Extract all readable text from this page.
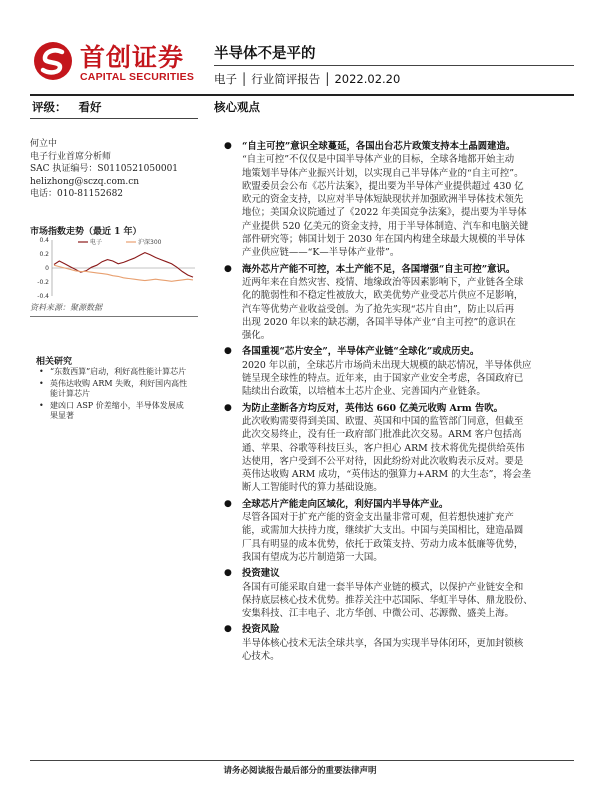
首创证券
CAPITAL SECURITIES
半导体不是平的
电子 │ 行业简评报告 │ 2022.02.20
评级： 看好	核心观点
何立中
电子行业首席分析师
SAC 执证编号：S0110521050001
helizhong@sczq.com.cn
电话：010-81152682
市场指数走势（最近 1 年）
0.4
0.2
0
-0.2
-0.4
电子	沪深300
资料来源：聚源数据
相关研究
• “东数西算”启动，利好高性能计算芯片
• 英伟达收购 ARM 失败，利好国内高性
能计算芯片
• 建凶口 ASP 价差缩小，半导体发展成
果显著
● “自主可控”意识全球蔓延，各国出台芯片政策支持本土晶圆建造。
“自主可控”不仅仅是中国半导体产业的目标，全球各地都开始主动
地策划半导体产业振兴计划，以实现自己半导体产业的“自主可控”。
欧盟委员会公布《芯片法案》，提出要为半导体产业提供超过 430 亿
欧元的资金支持，以应对半导体短缺现状并加强欧洲半导体技术领先
地位；美国众议院通过了《2022 年美国竞争法案》，提出要为半导体
产业提供 520 亿美元的资金支持，用于半导体制造、汽车和电脑关键
部件研究等；韩国计划于 2030 年在国内构建全球最大规模的半导体
产业供应链——“K—半导体产业带”。
● 海外芯片产能不可控，本土产能不足，各国增强“自主可控”意识。
近两年来在自然灾害、疫情、地缘政治等因素影响下，产业链各全球
化的脆弱性和不稳定性被放大，欧美优势产业受芯片供应不足影响，
汽车等优势产业收益受创。为了抢先实现“芯片自由”，防止以后再
出现 2020 年以来的缺芯潮，各国半导体产业“自主可控”的意识在
强化。
● 各国重视“芯片安全”，半导体产业链“全球化”或成历史。
2020 年以前，全球芯片市场尚未出现大规模的缺芯情况，半导体供应
链呈现全球性的特点。近年来，由于国家产业安全考虑，各国政府已
陆续出台政策，以培植本土芯片企业、完善国内产业链条。
● 为防止垄断各方均反对，英伟达 660 亿美元收购 Arm 告吹。
此次收购需要得到美国、欧盟、英国和中国的监管部门同意，但截至
此次交易终止，没有任一政府部门批准此次交易。ARM 客户包括高
通、苹果、谷歌等科技巨头，客户担心 ARM 技术将优先提供给英伟
达使用，客户受到不公平对待，因此纷纷对此次收购表示反对。要是
英伟达收购 ARM 成功，“英伟达的强算力+ARM 的大生态”，将会垄
断人工智能时代的算力基础设施。
● 全球芯片产能走向区域化，利好国内半导体产业。
尽管各国对于扩充产能的资金支出量非常可观，但若想快速扩充产
能，或需加大扶持力度，继续扩大支出。中国与美国相比，建造晶圆
厂具有明显的成本优势，依托于政策支持、劳动力成本低廉等优势，
我国有望成为芯片制造第一大国。
● 投资建议
各国有可能采取自建一套半导体产业链的模式，以保护产业链安全和
保持底层核心技术优势。推荐关注中芯国际、华虹半导体、鼎龙股份、
安集科技、江丰电子、北方华创、中微公司、芯源微、盛美上海。
● 投资风险
半导体核心技术无法全球共享，各国为实现半导体闭环，更加封锁核
心技术。
请务必阅读报告最后部分的重要法律声明
